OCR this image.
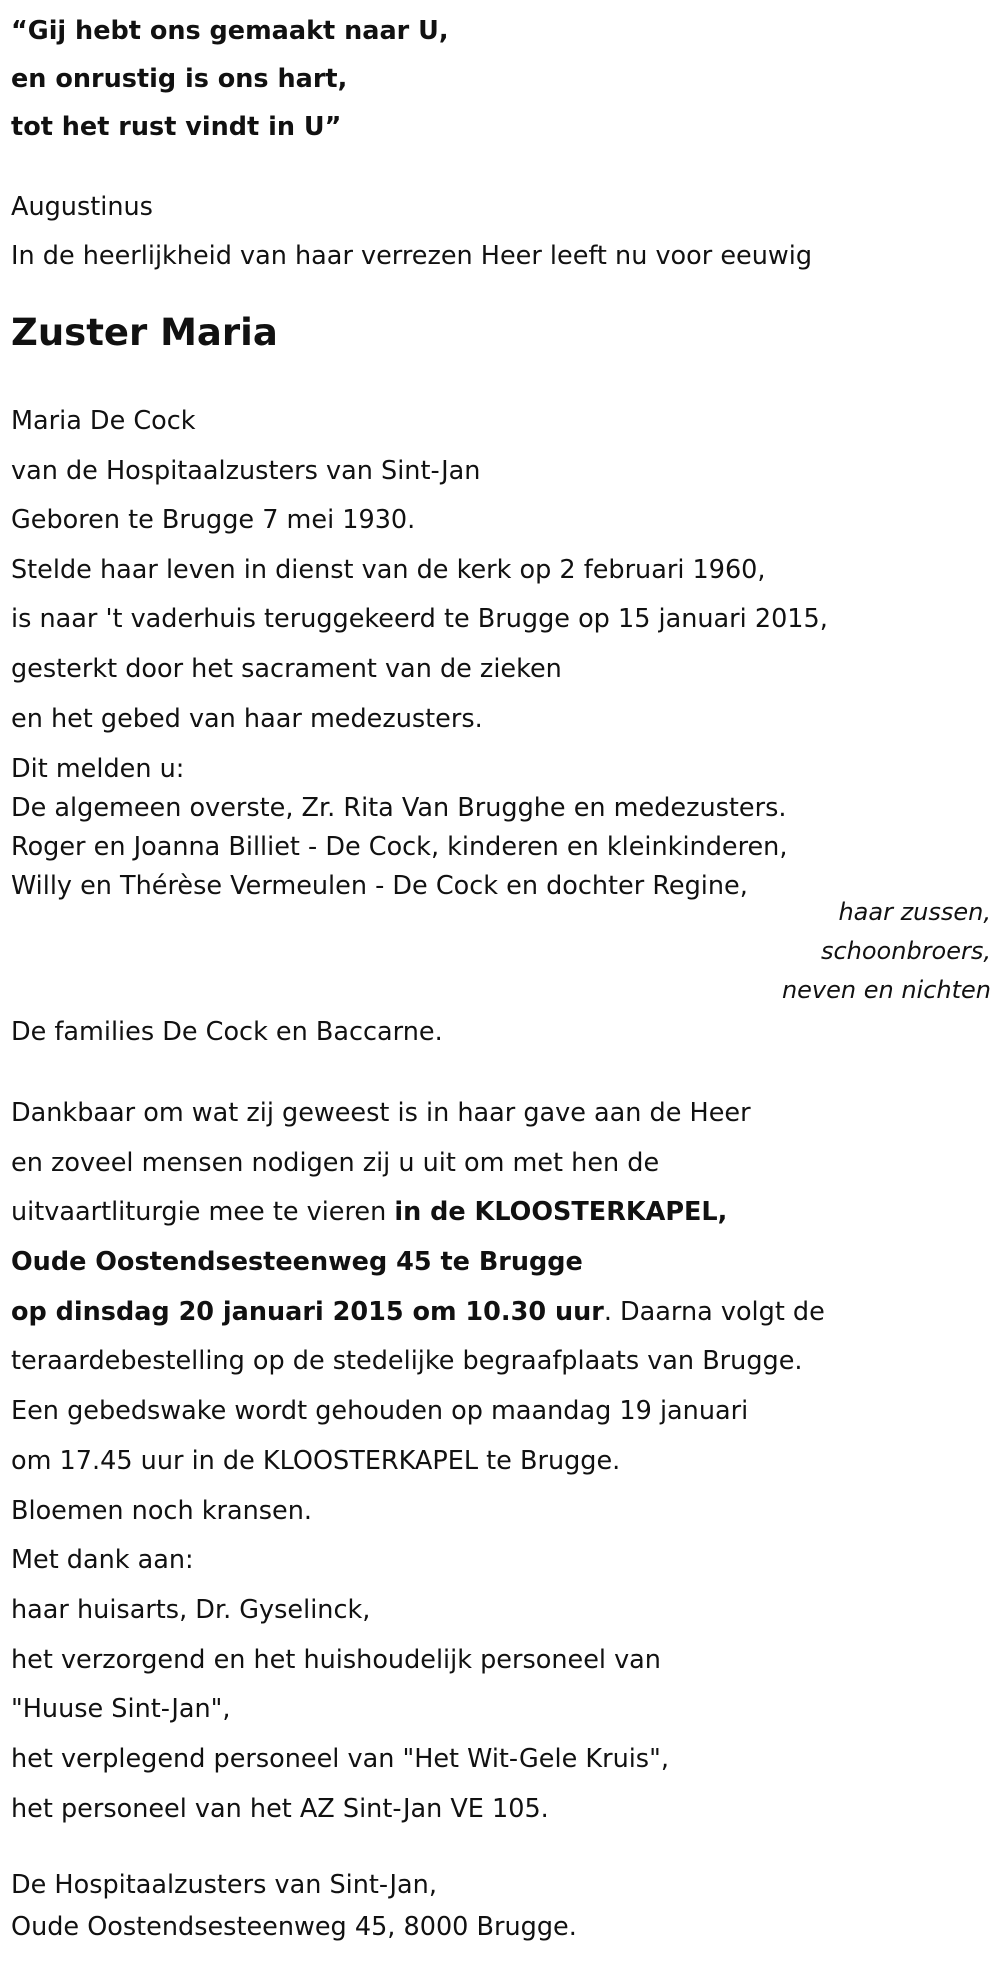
“Gij hebt ons gemaakt naar U,
en onrustig is ons hart,
tot het rust vindt in U”
Augustinus
In de heerlijkheid van haar verrezen Heer leeft nu voor eeuwig
Zuster Maria
Maria De Cock
van de Hospitaalzusters van Sint-Jan
Geboren te Brugge 7 mei 1930.
Stelde haar leven in dienst van de kerk op 2 februari 1960,
is naar 't vaderhuis teruggekeerd te Brugge op 15 januari 2015,
gesterkt door het sacrament van de zieken
en het gebed van haar medezusters.
Dit melden u:
De algemeen overste, Zr. Rita Van Brugghe en medezusters.
Roger en Joanna Billiet - De Cock, kinderen en kleinkinderen,
Willy en Thérèse Vermeulen - De Cock en dochter Regine,
haar zussen,
schoonbroers,
neven en nichten
De families De Cock en Baccarne.
Dankbaar om wat zij geweest is in haar gave aan de Heer
en zoveel mensen nodigen zij u uit om met hen de
uitvaartliturgie mee te vieren in de KLOOSTERKAPEL,
Oude Oostendsesteenweg 45 te Brugge
op dinsdag 20 januari 2015 om 10.30 uur. Daarna volgt de
teraardebestelling op de stedelijke begraafplaats van Brugge.
Een gebedswake wordt gehouden op maandag 19 januari
om 17.45 uur in de KLOOSTERKAPEL te Brugge.
Bloemen noch kransen.
Met dank aan:
haar huisarts, Dr. Gyselinck,
het verzorgend en het huishoudelijk personeel van
"Huuse Sint-Jan",
het verplegend personeel van "Het Wit-Gele Kruis",
het personeel van het AZ Sint-Jan VE 105.
De Hospitaalzusters van Sint-Jan,
Oude Oostendsesteenweg 45, 8000 Brugge.
